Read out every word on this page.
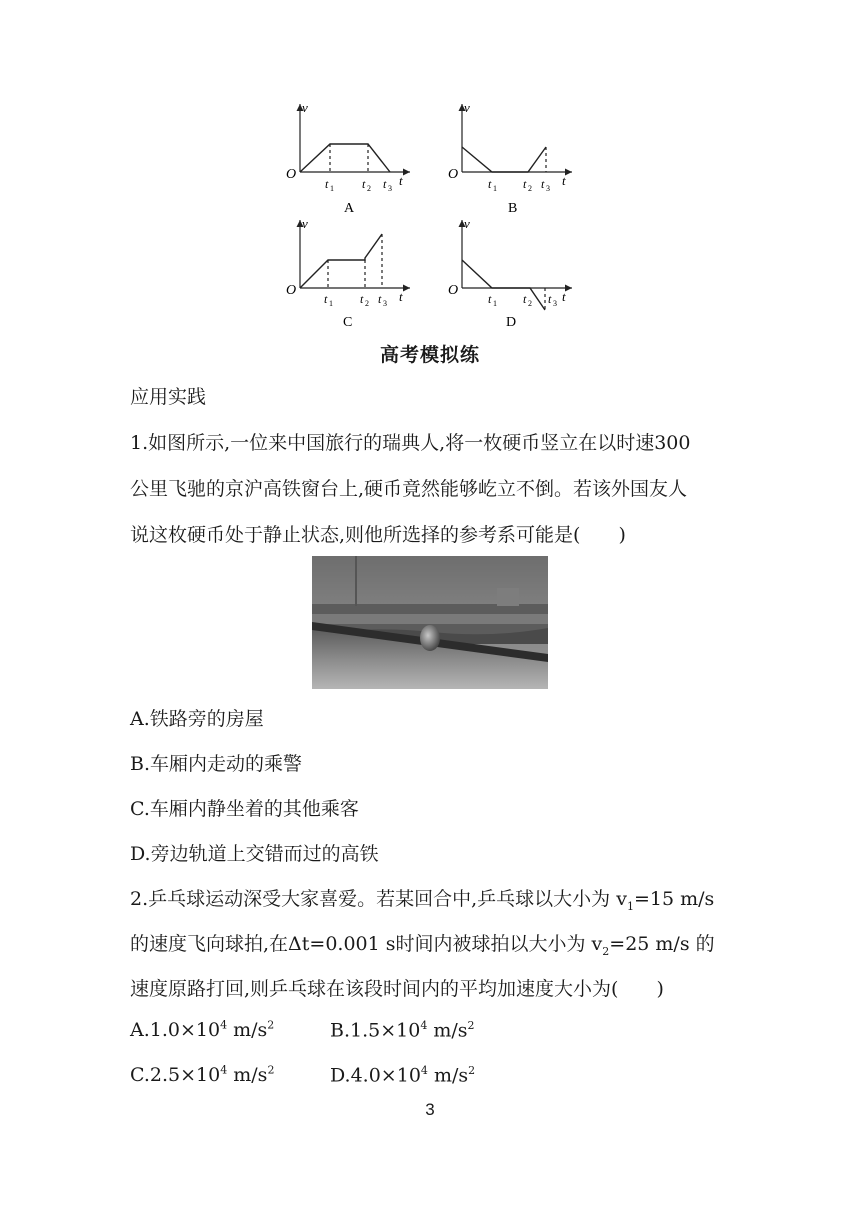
v
O	t
t 1 t 2 t 3
A
v
O	t
t 1 t 2 t 3
B
v
O	t
t 1 t 2 t 3
C
v
O	t
t 1 t 2 t 3
D
高考模拟练
应用实践
1.如图所示,一位来中国旅行的瑞典人,将一枚硬币竖立在以时速300
公里飞驰的京沪高铁窗台上,硬币竟然能够屹立不倒。若该外国友人
说这枚硬币处于静止状态,则他所选择的参考系可能是(　　)
A.铁路旁的房屋
B.车厢内走动的乘警
C.车厢内静坐着的其他乘客
D.旁边轨道上交错而过的高铁
2.乒乓球运动深受大家喜爱。若某回合中,乒乓球以大小为 $v_1=15$ m/s
的速度飞向球拍,在Δt=0.001 s时间内被球拍以大小为 $v_2=25$ m/s 的
速度原路打回,则乒乓球在该段时间内的平均加速度大小为(　　)
$A.1.0\times 10^4$ $m/s^2$	$B.1.5\times 10^4$ $m/s^2$
$C.2.5\times 10^4$ $m/s^2$	$D.4.0\times 10^4$ $m/s^2$
3
